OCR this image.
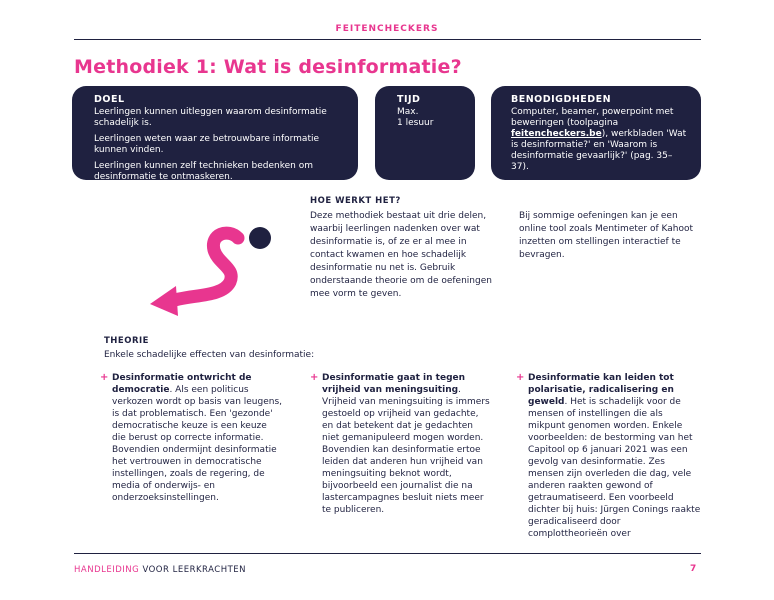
FEITENCHECKERS
Methodiek 1: Wat is desinformatie?
DOEL

Leerlingen kunnen uitleggen waarom desinformatie schadelijk is.

Leerlingen weten waar ze betrouwbare informatie kunnen vinden.

Leerlingen kunnen zelf technieken bedenken om desinformatie te ontmaskeren.

TIJD
Max.
1 lesuur
BENODIGDHEDEN
Computer, beamer, powerpoint met beweringen (toolpagina feitencheckers.be), werkbladen 'Wat is desinformatie?' en 'Waarom is desinformatie gevaarlijk?' (pag. 35–37).
HOE WERKT HET?
Deze methodiek bestaat uit drie delen, waarbij leerlingen nadenken over wat desinformatie is, of ze er al mee in contact kwamen en hoe schadelijk desinformatie nu net is. Gebruik onderstaande theorie om de oefeningen mee vorm te geven.
Bij sommige oefeningen kan je een online tool zoals Mentimeter of Kahoot inzetten om stellingen interactief te bevragen.
THEORIE
Enkele schadelijke effecten van desinformatie:
+ Desinformatie ontwricht de democratie. Als een politicus verkozen wordt op basis van leugens, is dat problematisch. Een 'gezonde' democratische keuze is een keuze die berust op correcte informatie. Bovendien ondermijnt desinformatie het vertrouwen in democratische instellingen, zoals de regering, de media of onderwijs- en onderzoeksinstellingen.
+ Desinformatie gaat in tegen vrijheid van meningsuiting. Vrijheid van meningsuiting is immers gestoeld op vrijheid van gedachte, en dat betekent dat je gedachten niet gemanipuleerd mogen worden. Bovendien kan desinformatie ertoe leiden dat anderen hun vrijheid van meningsuiting beknot wordt, bijvoorbeeld een journalist die na lastercampagnes besluit niets meer te publiceren.
+ Desinformatie kan leiden tot polarisatie, radicalisering en geweld. Het is schadelijk voor de mensen of instellingen die als mikpunt genomen worden. Enkele voorbeelden: de bestorming van het Capitool op 6 januari 2021 was een gevolg van desinformatie. Zes mensen zijn overleden die dag, vele anderen raakten gewond of getraumatiseerd. Een voorbeeld dichter bij huis: Jürgen Conings raakte geradicaliseerd door complottheorieën over
HANDLEIDING VOOR LEERKRACHTEN	7
